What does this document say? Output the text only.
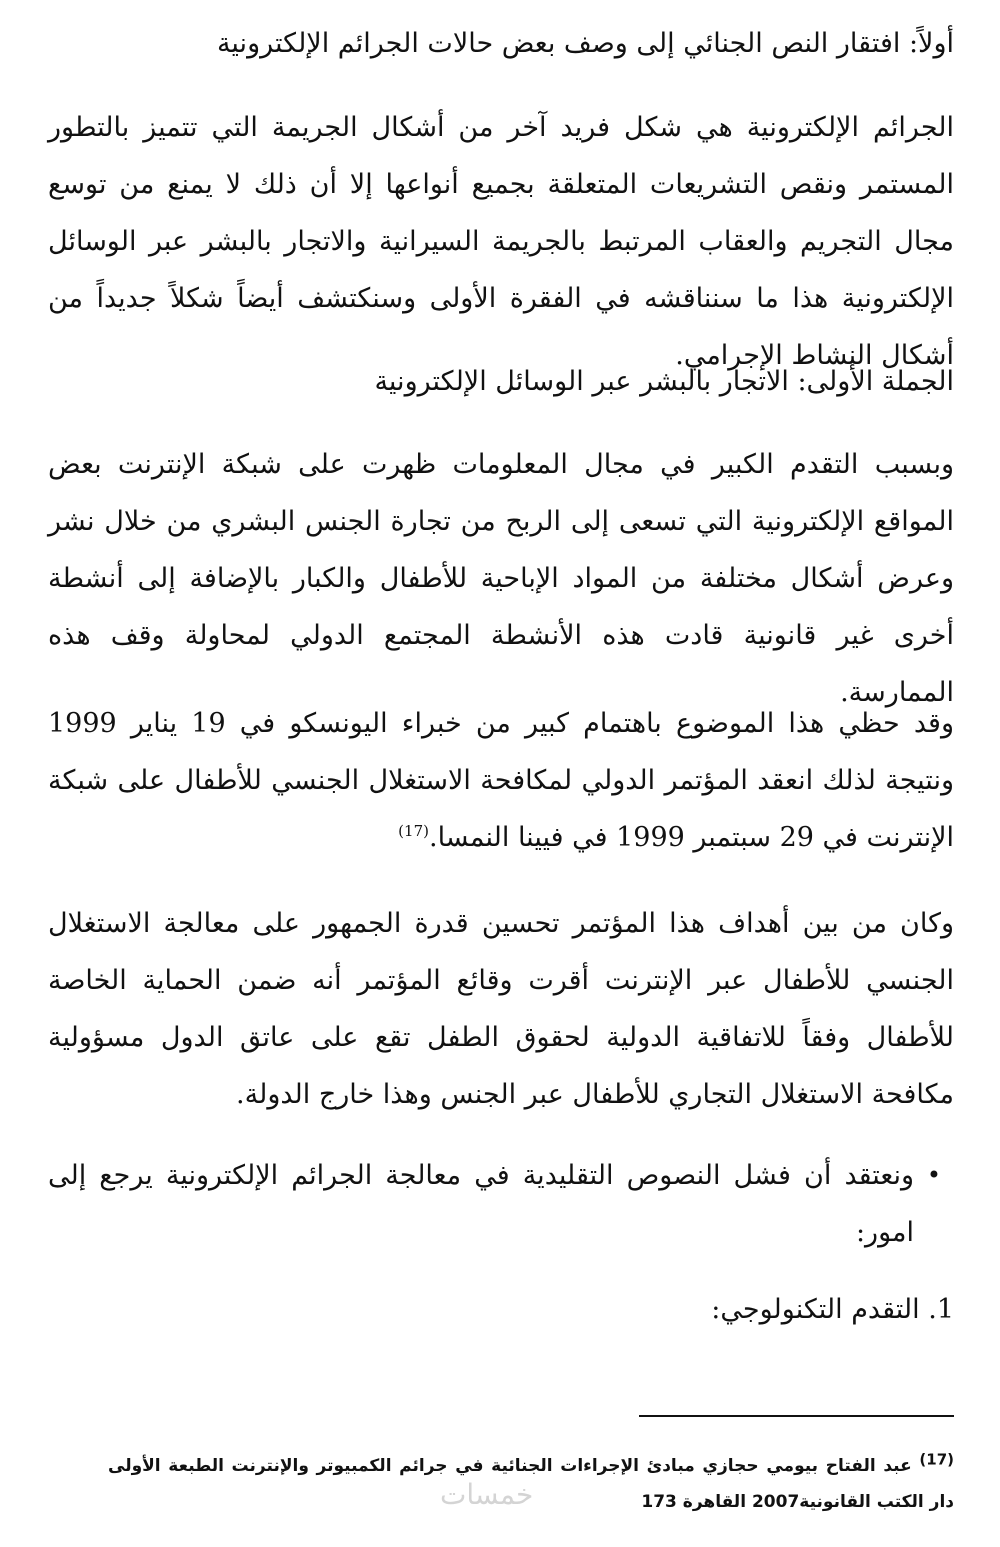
أولاً: افتقار النص الجنائي إلى وصف بعض حالات الجرائم الإلكترونية

الجرائم الإلكترونية هي شكل فريد آخر من أشكال الجريمة التي تتميز بالتطور المستمر ونقص التشريعات المتعلقة بجميع أنواعها إلا أن ذلك لا يمنع من توسع مجال التجريم والعقاب المرتبط بالجريمة السيرانية والاتجار بالبشر عبر الوسائل الإلكترونية هذا ما سنناقشه في الفقرة الأولى وسنكتشف أيضاً شكلاً جديداً من أشكال النشاط الإجرامي.

الجملة الأولى: الاتجار بالبشر عبر الوسائل الإلكترونية

وبسبب التقدم الكبير في مجال المعلومات ظهرت على شبكة الإنترنت بعض المواقع الإلكترونية التي تسعى إلى الربح من تجارة الجنس البشري من خلال نشر وعرض أشكال مختلفة من المواد الإباحية للأطفال والكبار بالإضافة إلى أنشطة أخرى غير قانونية قادت هذه الأنشطة المجتمع الدولي لمحاولة وقف هذه الممارسة.

وقد حظي هذا الموضوع باهتمام كبير من خبراء اليونسكو في 19 يناير 1999 ونتيجة لذلك انعقد المؤتمر الدولي لمكافحة الاستغلال الجنسي للأطفال على شبكة الإنترنت في 29 سبتمبر 1999 في فيينا النمسا.$^{(17)}$

وكان من بين أهداف هذا المؤتمر تحسين قدرة الجمهور على معالجة الاستغلال الجنسي للأطفال عبر الإنترنت أقرت وقائع المؤتمر أنه ضمن الحماية الخاصة للأطفال وفقاً للاتفاقية الدولية لحقوق الطفل تقع على عاتق الدول مسؤولية مكافحة الاستغلال التجاري للأطفال عبر الجنس وهذا خارج الدولة.

•
ونعتقد أن فشل النصوص التقليدية في معالجة الجرائم الإلكترونية يرجع إلى امور:
1. التقدم التكنولوجي:
(17) عبد الفتاح بيومي حجازي مبادئ الإجراءات الجنائية في جرائم الكمبيوتر والإنترنت الطبعة الأولى دار الكتب القانونية2007 القاهرة 173
خمسات
